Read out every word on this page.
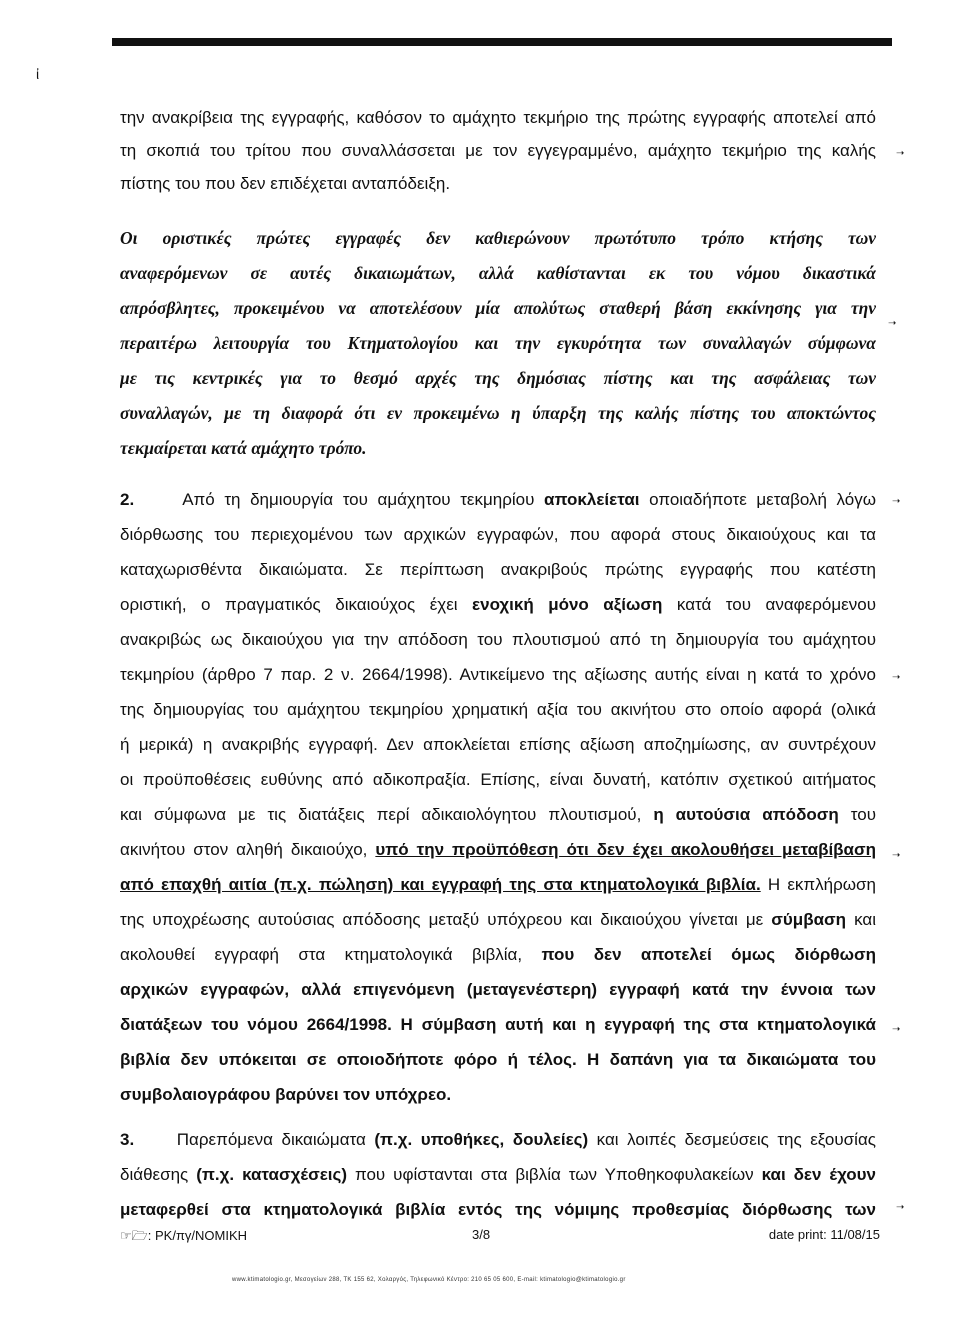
ἰ
την ανακρίβεια της εγγραφής, καθόσον το αμάχητο τεκμήριο της πρώτης εγγραφής αποτελεί από
τη σκοπιά του τρίτου που συναλλάσσεται με τον εγγεγραμμένο, αμάχητο τεκμήριο της καλής
πίστης του που δεν επιδέχεται ανταπόδειξη.
Οι οριστικές πρώτες εγγραφές δεν καθιερώνουν πρωτότυπο τρόπο κτήσης των
αναφερόμενων σε αυτές δικαιωμάτων, αλλά καθίστανται εκ του νόμου δικαστικά
απρόσβλητες, προκειμένου να αποτελέσουν μία απολύτως σταθερή βάση εκκίνησης για την
περαιτέρω λειτουργία του Κτηματολογίου και την εγκυρότητα των συναλλαγών σύμφωνα
με τις κεντρικές για το θεσμό αρχές της δημόσιας πίστης και της ασφάλειας των
συναλλαγών, με τη διαφορά ότι εν προκειμένω η ύπαρξη της καλής πίστης του αποκτώντος
τεκμαίρεται κατά αμάχητο τρόπο.
2.	Από τη δημιουργία του αμάχητου τεκμηρίου αποκλείεται οποιαδήποτε μεταβολή λόγω
διόρθωσης του περιεχομένου των αρχικών εγγραφών, που αφορά στους δικαιούχους και τα
καταχωρισθέντα δικαιώματα. Σε περίπτωση ανακριβούς πρώτης εγγραφής που κατέστη
οριστική, ο πραγματικός δικαιούχος έχει ενοχική μόνο αξίωση κατά του αναφερόμενου
ανακριβώς ως δικαιούχου για την απόδοση του πλουτισμού από τη δημιουργία του αμάχητου
τεκμηρίου (άρθρο 7 παρ. 2 ν. 2664/1998). Αντικείμενο της αξίωσης αυτής είναι η κατά το χρόνο
της δημιουργίας του αμάχητου τεκμηρίου χρηματική αξία του ακινήτου στο οποίο αφορά (ολικά
ή μερικά) η ανακριβής εγγραφή. Δεν αποκλείεται επίσης αξίωση αποζημίωσης, αν συντρέχουν
οι προϋποθέσεις ευθύνης από αδικοπραξία. Επίσης, είναι δυνατή, κατόπιν σχετικού αιτήματος
και σύμφωνα με τις διατάξεις περί αδικαιολόγητου πλουτισμού, η αυτούσια απόδοση του
ακινήτου στον αληθή δικαιούχο, υπό την προϋπόθεση ότι δεν έχει ακολουθήσει μεταβίβαση
από επαχθή αιτία (π.χ. πώληση) και εγγραφή της στα κτηματολογικά βιβλία. Η εκπλήρωση
της υποχρέωσης αυτούσιας απόδοσης μεταξύ υπόχρεου και δικαιούχου γίνεται με σύμβαση και
ακολουθεί εγγραφή στα κτηματολογικά βιβλία, που δεν αποτελεί όμως διόρθωση
αρχικών εγγραφών, αλλά επιγενόμενη (μεταγενέστερη) εγγραφή κατά την έννοια των
διατάξεων του νόμου 2664/1998. Η σύμβαση αυτή και η εγγραφή της στα κτηματολογικά
βιβλία δεν υπόκειται σε οποιοδήποτε φόρο ή τέλος. Η δαπάνη για τα δικαιώματα του
συμβολαιογράφου βαρύνει τον υπόχρεο.
3.	Παρεπόμενα δικαιώματα (π.χ. υποθήκες, δουλείες) και λοιπές δεσμεύσεις της εξουσίας
διάθεσης (π.χ. κατασχέσεις) που υφίστανται στα βιβλία των Υποθηκοφυλακείων και δεν έχουν
μεταφερθεί στα κτηματολογικά βιβλία εντός της νόμιμης προθεσμίας διόρθωσης των
☞🗁: PK/πγ/NOMIKH	3/8	date print: 11/08/15
www.ktimatologio.gr, Μεσογείων 288, ΤΚ 155 62, Χολαργός, Τηλεφωνικό Κέντρο: 210 65 05 600, E-mail: ktimatologio@ktimatologio.gr
➝
➝
➝
➝
➝
➝
➝
